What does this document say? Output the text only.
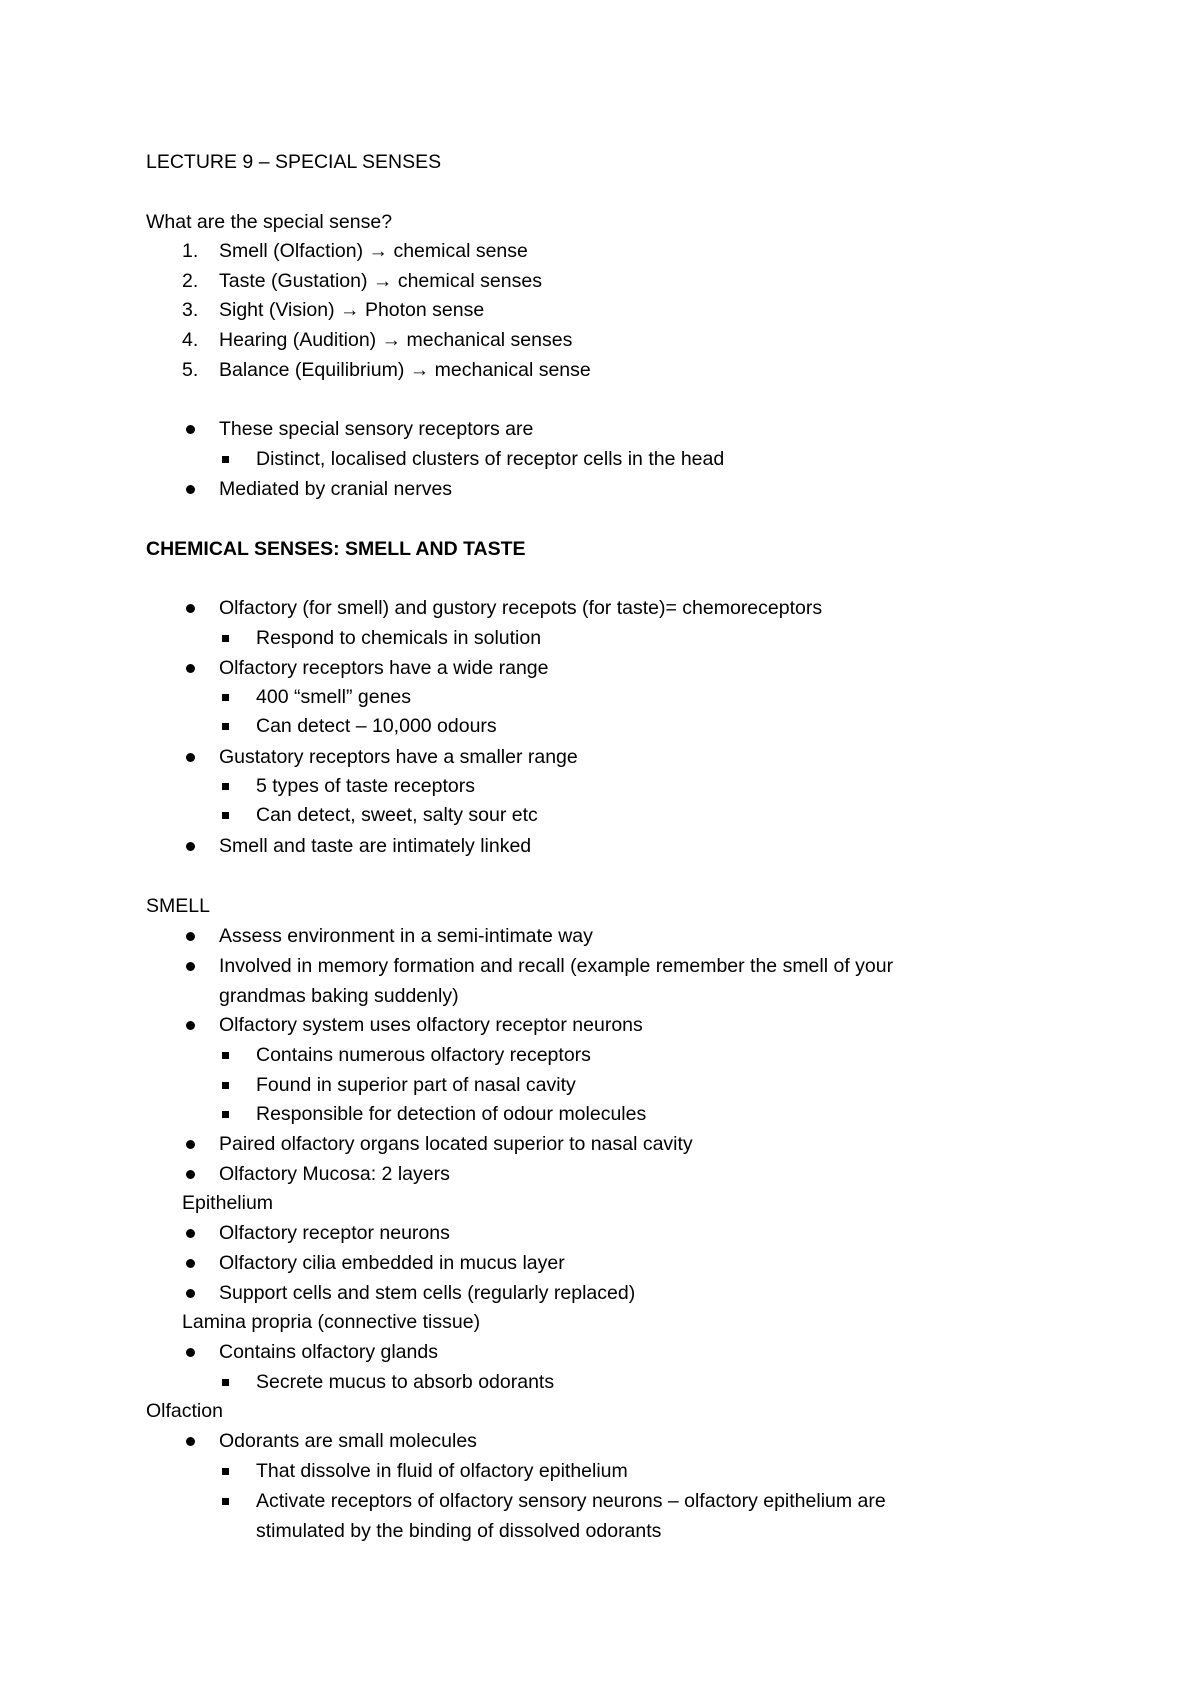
LECTURE 9 – SPECIAL SENSES
What are the special sense?
1. Smell (Olfaction) → chemical sense
2. Taste (Gustation) → chemical senses
3. Sight (Vision) → Photon sense
4. Hearing (Audition) → mechanical senses
5. Balance (Equilibrium) → mechanical sense
These special sensory receptors are
Distinct, localised clusters of receptor cells in the head
Mediated by cranial nerves
CHEMICAL SENSES: SMELL AND TASTE
Olfactory (for smell) and gustory recepots (for taste)= chemoreceptors
Respond to chemicals in solution
Olfactory receptors have a wide range
400 “smell” genes
Can detect – 10,000 odours
Gustatory receptors have a smaller range
5 types of taste receptors
Can detect, sweet, salty sour etc
Smell and taste are intimately linked
SMELL
Assess environment in a semi-intimate way
Involved in memory formation and recall (example remember the smell of your
grandmas baking suddenly)
Olfactory system uses olfactory receptor neurons
Contains numerous olfactory receptors
Found in superior part of nasal cavity
Responsible for detection of odour molecules
Paired olfactory organs located superior to nasal cavity
Olfactory Mucosa: 2 layers
Epithelium
Olfactory receptor neurons
Olfactory cilia embedded in mucus layer
Support cells and stem cells (regularly replaced)
Lamina propria (connective tissue)
Contains olfactory glands
Secrete mucus to absorb odorants
Olfaction
Odorants are small molecules
That dissolve in fluid of olfactory epithelium
Activate receptors of olfactory sensory neurons – olfactory epithelium are
stimulated by the binding of dissolved odorants
